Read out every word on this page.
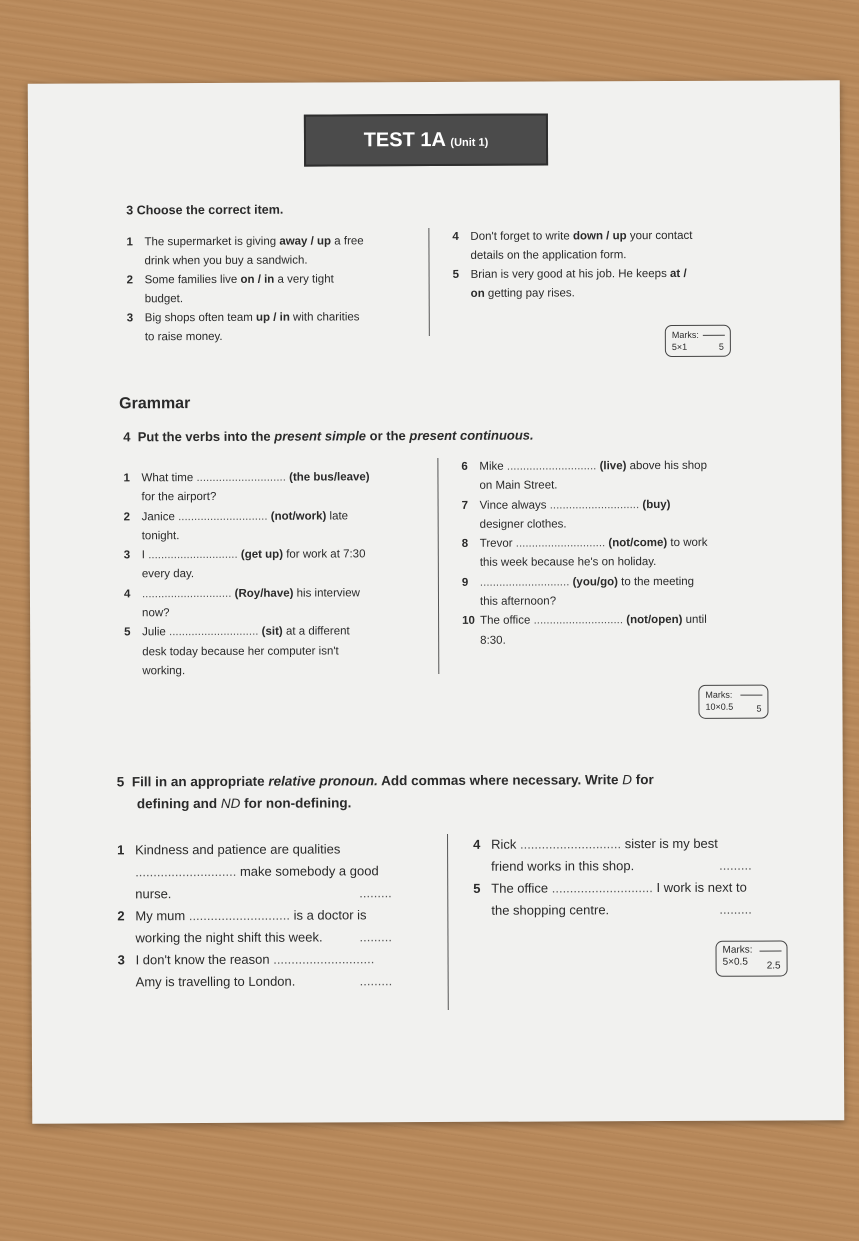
TEST 1A (Unit 1)
3 Choose the correct item.
1 The supermarket is giving away / up a free
drink when you buy a sandwich.
2 Some families live on / in a very tight
budget.
3 Big shops often team up / in with charities
to raise money.
4 Don't forget to write down / up your contact
details on the application form.
5 Brian is very good at his job. He keeps at /
on getting pay rises.
Marks:
5×1	5
Grammar
4 Put the verbs into the present simple or the present continuous.
1 What time ............................ (the bus/leave)
for the airport?
2 Janice ............................ (not/work) late
tonight.
3 I ............................ (get up) for work at 7:30
every day.
4 ............................ (Roy/have) his interview
now?
5 Julie ............................ (sit) at a different
desk today because her computer isn't
working.
6 Mike ............................ (live) above his shop
on Main Street.
7 Vince always ............................ (buy)
designer clothes.
8 Trevor ............................ (not/come) to work
this week because he's on holiday.
9 ............................ (you/go) to the meeting
this afternoon?
10 The office ............................ (not/open) until
8:30.
Marks:
10×0.5	5
5 Fill in an appropriate relative pronoun. Add commas where necessary. Write D for
defining and ND for non-defining.
1 Kindness and patience are qualities
............................ make somebody a good
nurse.	.........
2 My mum ............................ is a doctor is
working the night shift this week.	.........
3 I don't know the reason ............................
Amy is travelling to London.	.........
4 Rick ............................ sister is my best
friend works in this shop.	.........
5 The office ............................ I work is next to
the shopping centre.	.........
Marks:
5×0.5	2.5
